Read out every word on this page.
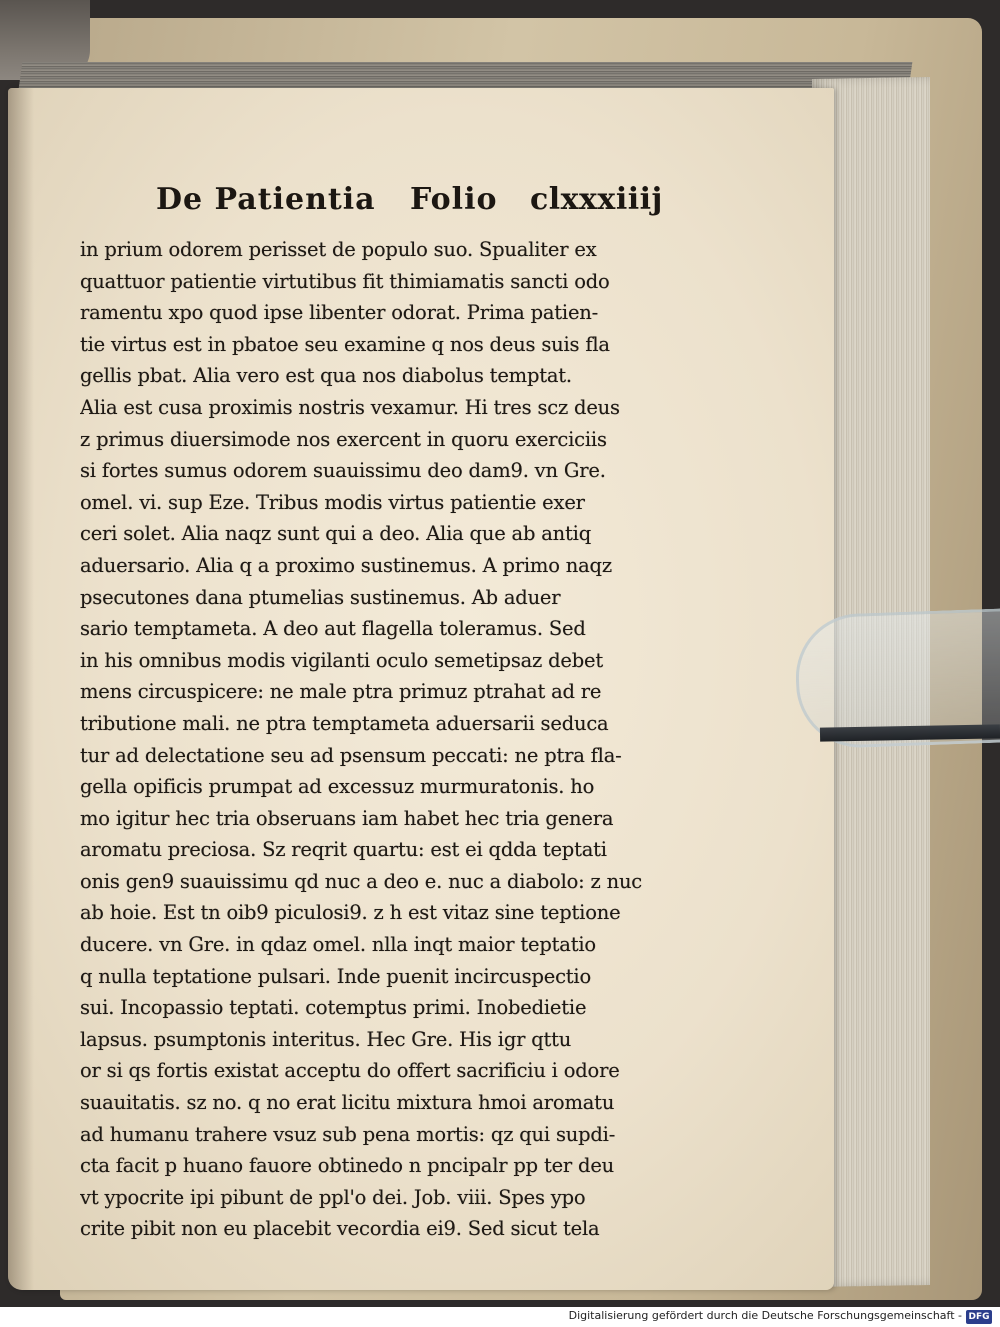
De Patientia Folio clxxxiiij
in prium odorem perisset de populo suo. Spualiter ex
quattuor patientie virtutibus fit thimiamatis sancti odo
ramentu xpo quod ipse libenter odorat. Prima patien-
tie virtus est in pbatoe seu examine q nos deus suis fla
gellis pbat. Alia vero est qua nos diabolus temptat.
Alia est cusa proximis nostris vexamur. Hi tres scz deus
z primus diuersimode nos exercent in quoru exerciciis
si fortes sumus odorem suauissimu deo dam9. vn Gre.
omel. vi. sup Eze. Tribus modis virtus patientie exer
ceri solet. Alia naqz sunt qui a deo. Alia que ab antiq
aduersario. Alia q a proximo sustinemus. A primo naqz
psecutones dana ptumelias sustinemus. Ab aduer
sario temptameta. A deo aut flagella toleramus. Sed
in his omnibus modis vigilanti oculo semetipsaz debet
mens circuspicere: ne male ptra primuz ptrahat ad re
tributione mali. ne ptra temptameta aduersarii seduca
tur ad delectatione seu ad psensum peccati: ne ptra fla-
gella opificis prumpat ad excessuz murmuratonis. ho
mo igitur hec tria obseruans iam habet hec tria genera
aromatu preciosa. Sz reqrit quartu: est ei qdda teptati
onis gen9 suauissimu qd nuc a deo e. nuc a diabolo: z nuc
ab hoie. Est tn oib9 piculosi9. z h est vitaz sine teptione
ducere. vn Gre. in qdaz omel. nlla inqt maior teptatio
q nulla teptatione pulsari. Inde puenit incircuspectio
sui. Incopassio teptati. cotemptus primi. Inobedietie
lapsus. psumptonis interitus. Hec Gre. His igr qttu
or si qs fortis existat acceptu do offert sacrificiu i odore
suauitatis. sz no. q no erat licitu mixtura hmoi aromatu
ad humanu trahere vsuz sub pena mortis: qz qui supdi-
cta facit p huano fauore obtinedo n pncipalr pp ter deu
vt ypocrite ipi pibunt de ppl'o dei. Job. viii. Spes ypo
crite pibit non eu placebit vecordia ei9. Sed sicut tela
Digitalisierung gefördert durch die Deutsche Forschungsgemeinschaft - DFG
